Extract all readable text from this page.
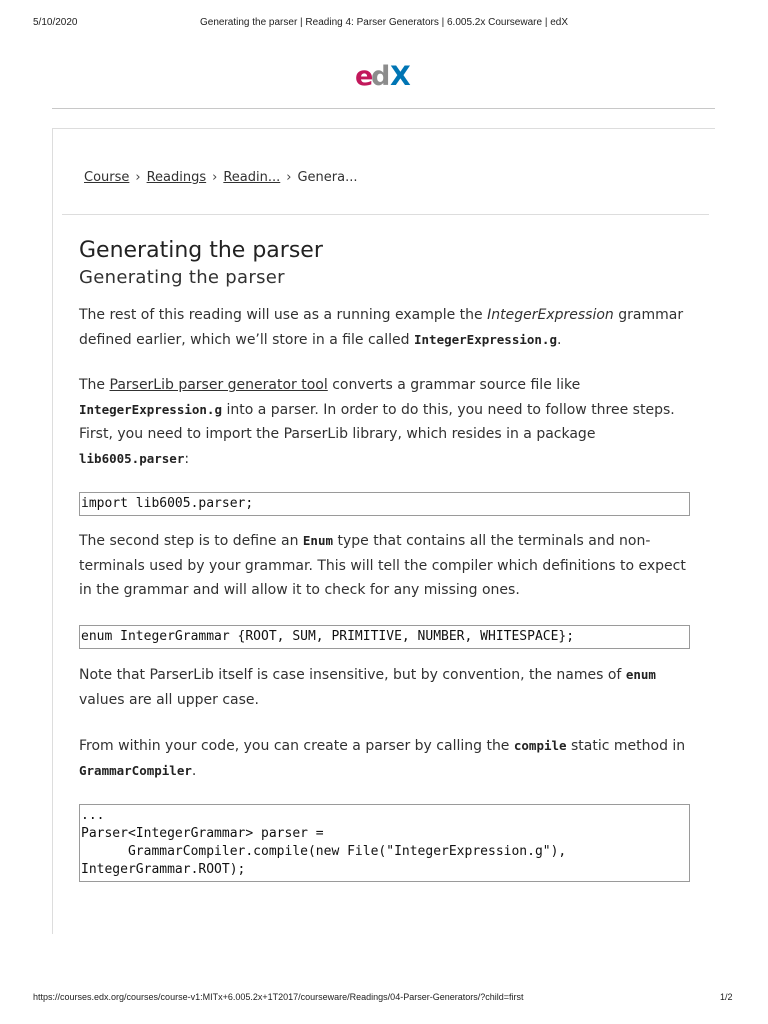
5/10/2020	Generating the parser | Reading 4: Parser Generators | 6.005.2x Courseware | edX
e
d X
Course › Readings › Readin... › Genera...
Generating the parser
Generating the parser

The rest of this reading will use as a running example the IntegerExpression grammar defined earlier, which we’ll store in a file called IntegerExpression.g.

The ParserLib parser generator tool converts a grammar source file like IntegerExpression.g into a parser. In order to do this, you need to follow three steps. First, you need to import the ParserLib library, which resides in a package lib6005.parser:

import lib6005.parser;

The second step is to define an Enum type that contains all the terminals and non-terminals used by your grammar. This will tell the compiler which definitions to expect in the grammar and will allow it to check for any missing ones.

enum IntegerGrammar {ROOT, SUM, PRIMITIVE, NUMBER, WHITESPACE};

Note that ParserLib itself is case insensitive, but by convention, the names of enum values are all upper case.

From within your code, you can create a parser by calling the compile static method in GrammarCompiler.

...
Parser<IntegerGrammar> parser =
GrammarCompiler.compile(new File("IntegerExpression.g"),
IntegerGrammar.ROOT);
https://courses.edx.org/courses/course-v1:MITx+6.005.2x+1T2017/courseware/Readings/04-Parser-Generators/?child=first	1/2
